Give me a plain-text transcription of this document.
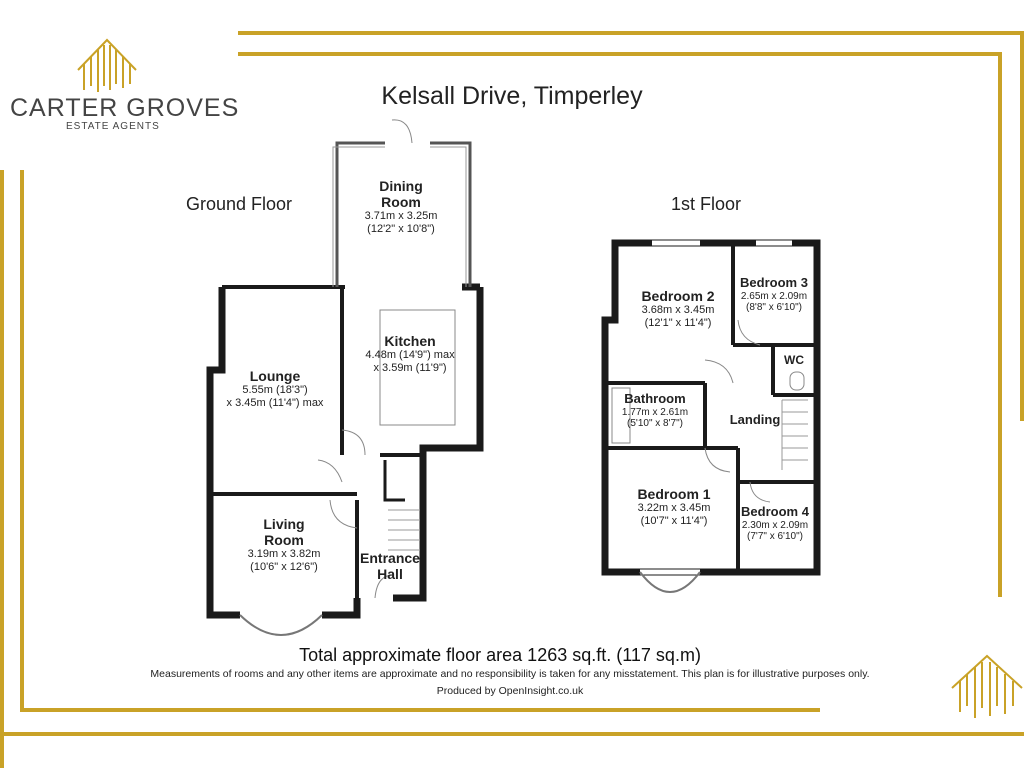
CARTER GROVES
ESTATE AGENTS
Kelsall Drive, Timperley
Ground Floor	1st Floor
Dining
Room
3.71m x 3.25m
(12'2" x 10'8")
Kitchen
4.48m (14'9") max
x 3.59m (11'9")
Lounge
5.55m (18'3")
x 3.45m (11'4") max
Living
Room
3.19m x 3.82m
(10'6" x 12'6")
Entrance
Hall
Bedroom 2
3.68m x 3.45m
(12'1" x 11'4")
Bedroom 3
2.65m x 2.09m
(8'8" x 6'10")
WC
Bathroom
1.77m x 2.61m
(5'10" x 8'7")	Landing
Bedroom 1
3.22m x 3.45m
(10'7" x 11'4")
Bedroom 4
2.30m x 2.09m
(7'7" x 6'10")
Total approximate floor area 1263 sq.ft. (117 sq.m)
Measurements of rooms and any other items are approximate and no responsibility is taken for any misstatement. This plan is for illustrative purposes only.
Produced by OpenInsight.co.uk
